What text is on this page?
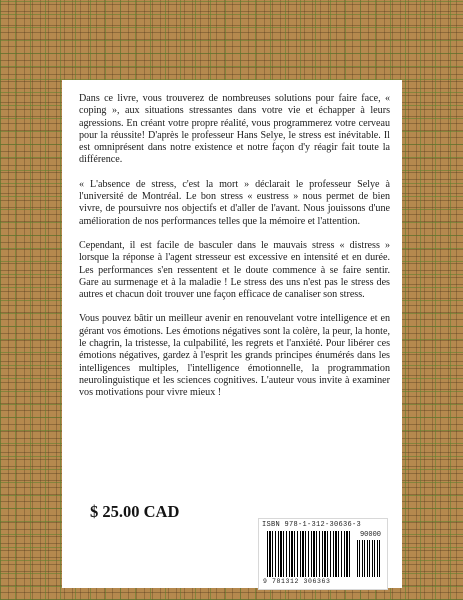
Dans ce livre, vous trouverez de nombreuses solutions pour faire face, « coping », aux situations stressantes dans votre vie et échapper à leurs agressions. En créant votre propre réalité, vous programmerez votre cerveau pour la réussite! D'après le professeur Hans Selye, le stress est inévitable. Il est omniprésent dans notre existence et notre façon d'y réagir fait toute la différence.

« L'absence de stress, c'est la mort » déclarait le professeur Selye à l'université de Montréal. Le bon stress « eustress » nous permet de bien vivre, de poursuivre nos objectifs et d'aller de l'avant. Nous jouissons d'une amélioration de nos performances telles que la mémoire et l'attention.

Cependant, il est facile de basculer dans le mauvais stress « distress » lorsque la réponse à l'agent stresseur est excessive en intensité et en durée. Les performances s'en ressentent et le doute commence à se faire sentir. Gare au surmenage et à la maladie ! Le stress des uns n'est pas le stress des autres et chacun doit trouver une façon efficace de canaliser son stress.

Vous pouvez bâtir un meilleur avenir en renouvelant votre intelligence et en gérant vos émotions. Les émotions négatives sont la colère, la peur, la honte, le chagrin, la tristesse, la culpabilité, les regrets et l'anxiété. Pour libérer ces émotions négatives, gardez à l'esprit les grands principes énumérés dans les intelligences multiples, l'intelligence émotionnelle, la programmation neurolinguistique et les sciences cognitives. L'auteur vous invite à examiner vos motivations pour vivre mieux !

$ 25.00 CAD
ISBN 978-1-312-30636-3
90000
9 781312 306363
